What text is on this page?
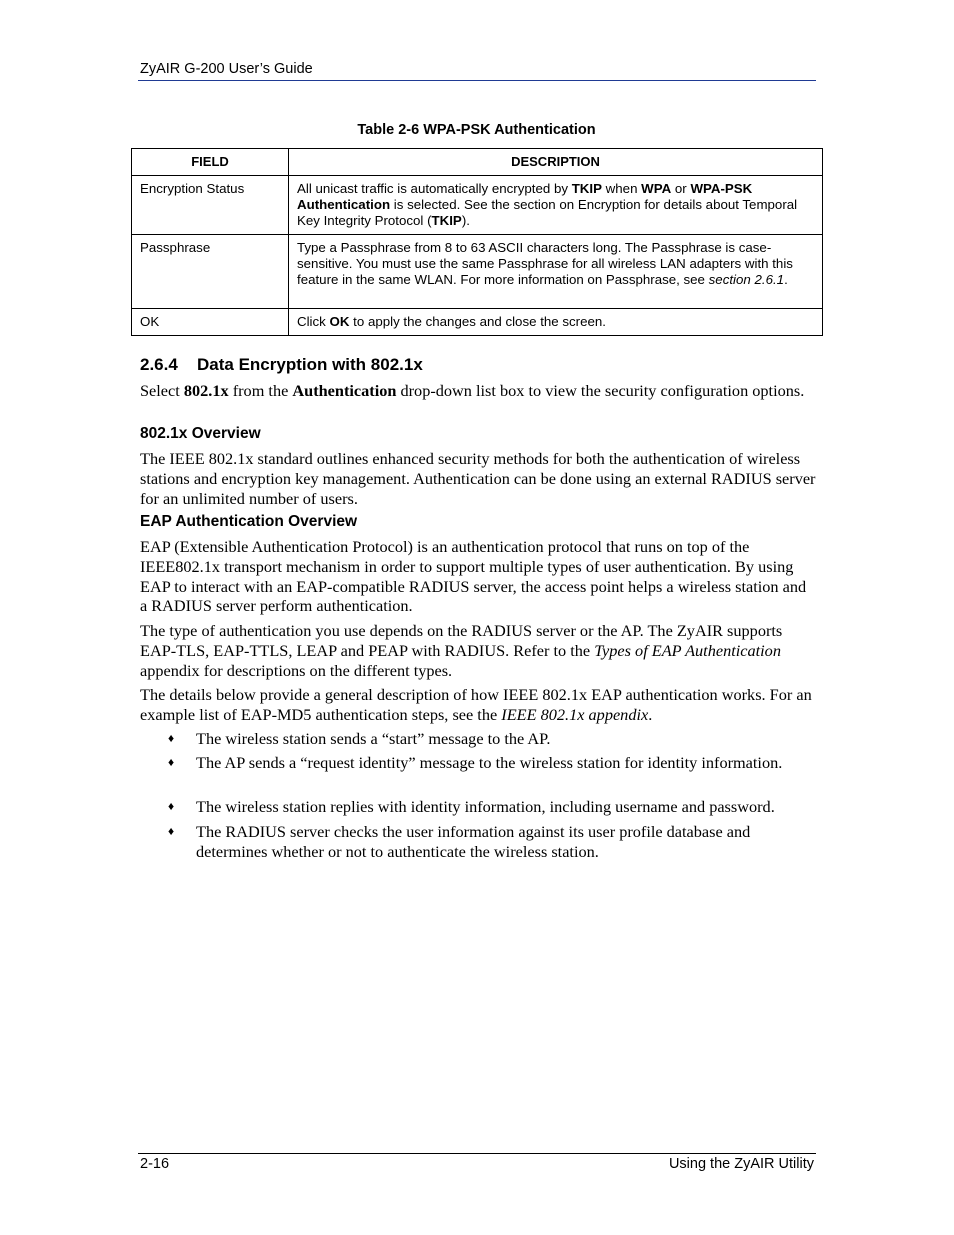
ZyAIR G-200 User’s Guide
Table 2-6 WPA-PSK Authentication
FIELD	DESCRIPTION
Encryption Status	All unicast traffic is automatically encrypted by TKIP when WPA or WPA-PSK Authentication is selected. See the section on Encryption for details about Temporal Key Integrity Protocol (TKIP).
Passphrase	Type a Passphrase from 8 to 63 ASCII characters long. The Passphrase is case-sensitive. You must use the same Passphrase for all wireless LAN adapters with this feature in the same WLAN. For more information on Passphrase, see section 2.6.1.
OK	Click OK to apply the changes and close the screen.
2.6.4 Data Encryption with 802.1x
Select 802.1x from the Authentication drop-down list box to view the security configuration options.
802.1x Overview
The IEEE 802.1x standard outlines enhanced security methods for both the authentication of wireless stations and encryption key management. Authentication can be done using an external RADIUS server for an unlimited number of users.
EAP Authentication Overview
EAP (Extensible Authentication Protocol) is an authentication protocol that runs on top of the IEEE802.1x transport mechanism in order to support multiple types of user authentication. By using EAP to interact with an EAP-compatible RADIUS server, the access point helps a wireless station and a RADIUS server perform authentication.
The type of authentication you use depends on the RADIUS server or the AP. The ZyAIR supports EAP-TLS, EAP-TTLS, LEAP and PEAP with RADIUS. Refer to the Types of EAP Authentication appendix for descriptions on the different types.
The details below provide a general description of how IEEE 802.1x EAP authentication works. For an example list of EAP-MD5 authentication steps, see the IEEE 802.1x appendix.
♦ The wireless station sends a “start” message to the AP.
♦ The AP sends a “request identity” message to the wireless station for identity information.
♦ The wireless station replies with identity information, including username and password.
♦ The RADIUS server checks the user information against its user profile database and determines whether or not to authenticate the wireless station.
2-16	Using the ZyAIR Utility
